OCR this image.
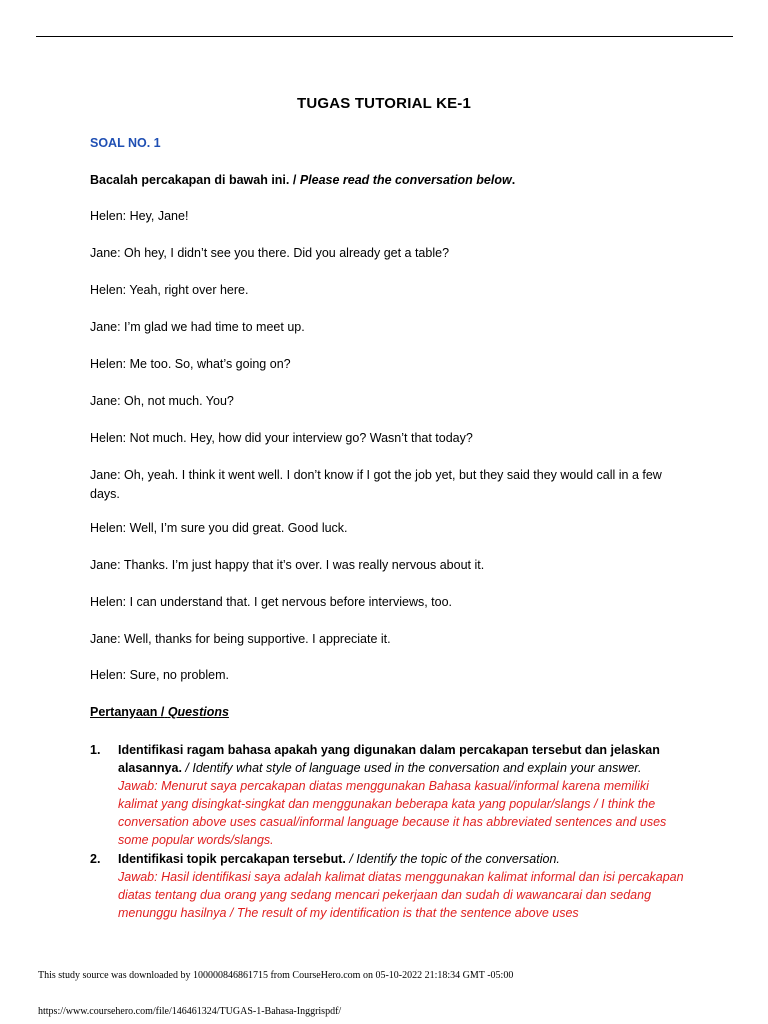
TUGAS TUTORIAL KE-1
SOAL NO. 1
Bacalah percakapan di bawah ini. / Please read the conversation below.
Helen: Hey, Jane!
Jane: Oh hey, I didn’t see you there. Did you already get a table?
Helen: Yeah, right over here.
Jane: I’m glad we had time to meet up.
Helen: Me too. So, what’s going on?
Jane: Oh, not much. You?
Helen: Not much. Hey, how did your interview go? Wasn’t that today?
Jane: Oh, yeah. I think it went well. I don’t know if I got the job yet, but they said they would call in a few days.
Helen: Well, I’m sure you did great. Good luck.
Jane: Thanks. I’m just happy that it’s over. I was really nervous about it.
Helen: I can understand that. I get nervous before interviews, too.
Jane: Well, thanks for being supportive. I appreciate it.
Helen: Sure, no problem.
Pertanyaan / Questions
1. Identifikasi ragam bahasa apakah yang digunakan dalam percakapan tersebut dan jelaskan alasannya. / Identify what style of language used in the conversation and explain your answer.
Jawab: Menurut saya percakapan diatas menggunakan Bahasa kasual/informal karena memiliki kalimat yang disingkat-singkat dan menggunakan beberapa kata yang popular/slangs / I think the conversation above uses casual/informal language because it has abbreviated sentences and uses some popular words/slangs.
2. Identifikasi topik percakapan tersebut. / Identify the topic of the conversation.
Jawab: Hasil identifikasi saya adalah kalimat diatas menggunakan kalimat informal dan isi percakapan diatas tentang dua orang yang sedang mencari pekerjaan dan sudah di wawancarai dan sedang menunggu hasilnya / The result of my identification is that the sentence above uses
This study source was downloaded by 100000846861715 from CourseHero.com on 05-10-2022 21:18:34 GMT -05:00
https://www.coursehero.com/file/146461324/TUGAS-1-Bahasa-Inggrispdf/
